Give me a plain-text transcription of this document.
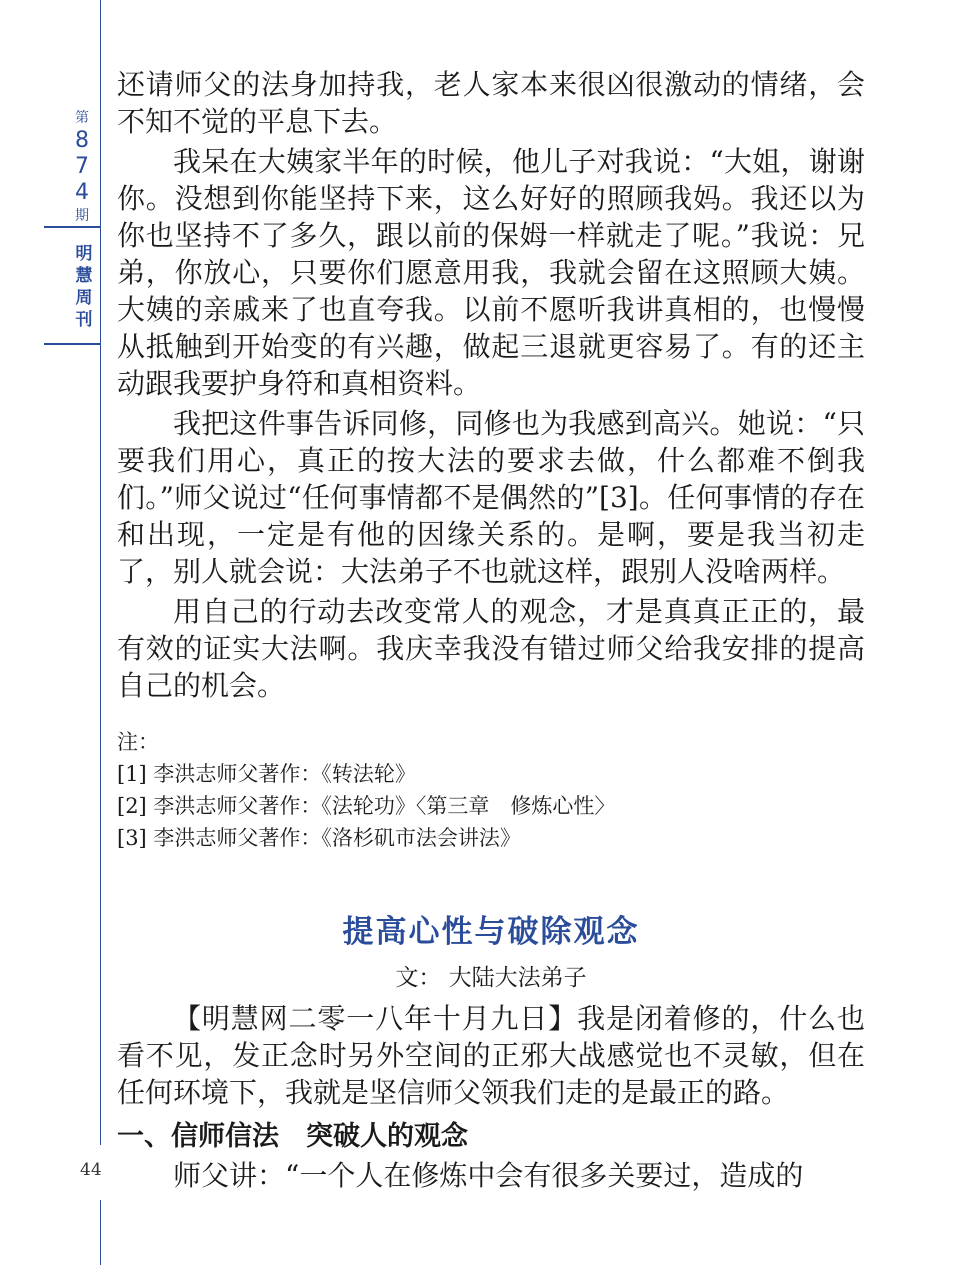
第
8
7
4
期
明
慧
周
刊
44

还请师父的法身加持我，老人家本来很凶很激动的情绪，会不知不觉的平息下去。

我呆在大姨家半年的时候，他儿子对我说：“大姐，谢谢你。没想到你能坚持下来，这么好好的照顾我妈。我还以为你也坚持不了多久，跟以前的保姆一样就走了呢。”我说：兄弟，你放心，只要你们愿意用我，我就会留在这照顾大姨。大姨的亲戚来了也直夸我。以前不愿听我讲真相的，也慢慢从抵触到开始变的有兴趣，做起三退就更容易了。有的还主动跟我要护身符和真相资料。

我把这件事告诉同修，同修也为我感到高兴。她说：“只要我们用心，真正的按大法的要求去做，什么都难不倒我们。”师父说过“任何事情都不是偶然的”[3]。任何事情的存在和出现，一定是有他的因缘关系的。是啊，要是我当初走了，别人就会说：大法弟子不也就这样，跟别人没啥两样。

用自己的行动去改变常人的观念，才是真真正正的，最有效的证实大法啊。我庆幸我没有错过师父给我安排的提高自己的机会。

注：

[1] 李洪志师父著作：《转法轮》

[2] 李洪志师父著作：《法轮功》〈第三章　修炼心性〉

[3] 李洪志师父著作：《洛杉矶市法会讲法》

提高心性与破除观念
文： 大陆大法弟子

【明慧网二零一八年十月九日】我是闭着修的，什么也看不见，发正念时另外空间的正邪大战感觉也不灵敏，但在任何环境下，我就是坚信师父领我们走的是最正的路。

一、信师信法　突破人的观念

师父讲：“一个人在修炼中会有很多关要过，造成的
